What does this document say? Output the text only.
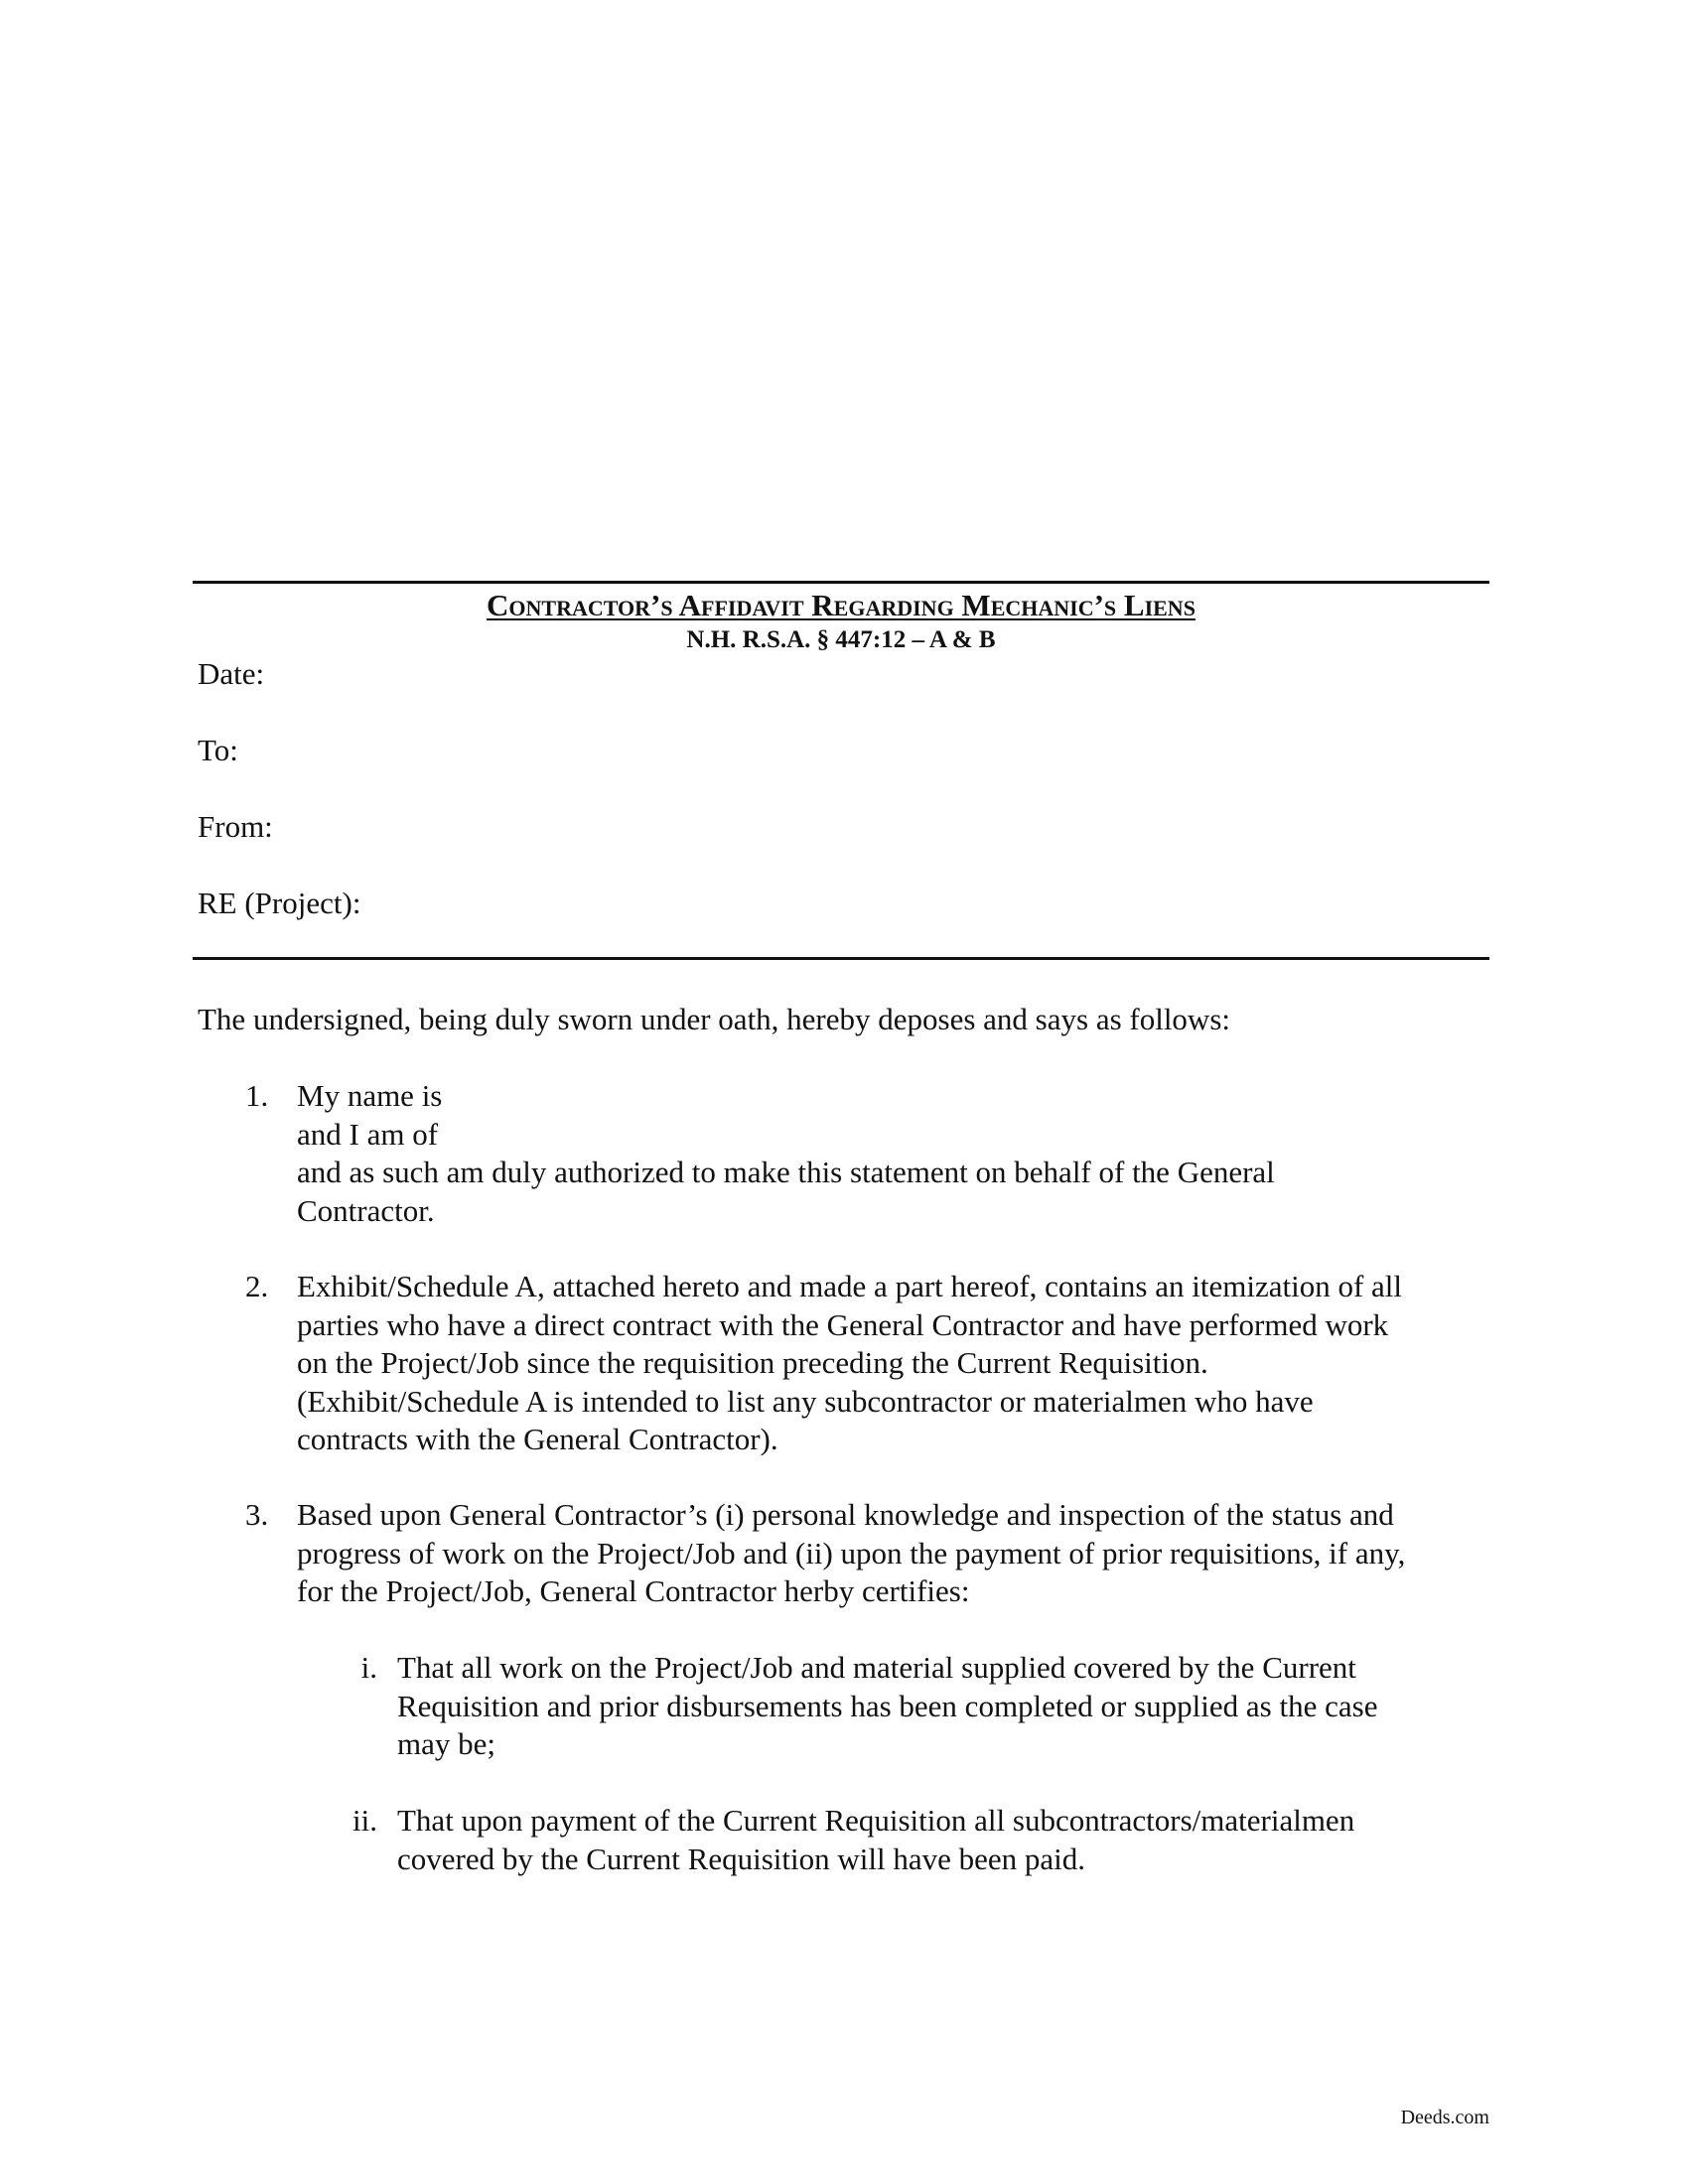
Contractor’s Affidavit Regarding Mechanic’s Liens
N.H. R.S.A. § 447:12 – A & B
Date:
To:
From:
RE (Project):
The undersigned, being duly sworn under oath, hereby deposes and says as follows:
1. My name is
and I am of
and as such am duly authorized to make this statement on behalf of the General
Contractor.
2. Exhibit/Schedule A, attached hereto and made a part hereof, contains an itemization of all
parties who have a direct contract with the General Contractor and have performed work
on the Project/Job since the requisition preceding the Current Requisition.
(Exhibit/Schedule A is intended to list any subcontractor or materialmen who have
contracts with the General Contractor).
3. Based upon General Contractor’s (i) personal knowledge and inspection of the status and
progress of work on the Project/Job and (ii) upon the payment of prior requisitions, if any,
for the Project/Job, General Contractor herby certifies:
i. That all work on the Project/Job and material supplied covered by the Current
Requisition and prior disbursements has been completed or supplied as the case
may be;
ii. That upon payment of the Current Requisition all subcontractors/materialmen
covered by the Current Requisition will have been paid.
Deeds.com
